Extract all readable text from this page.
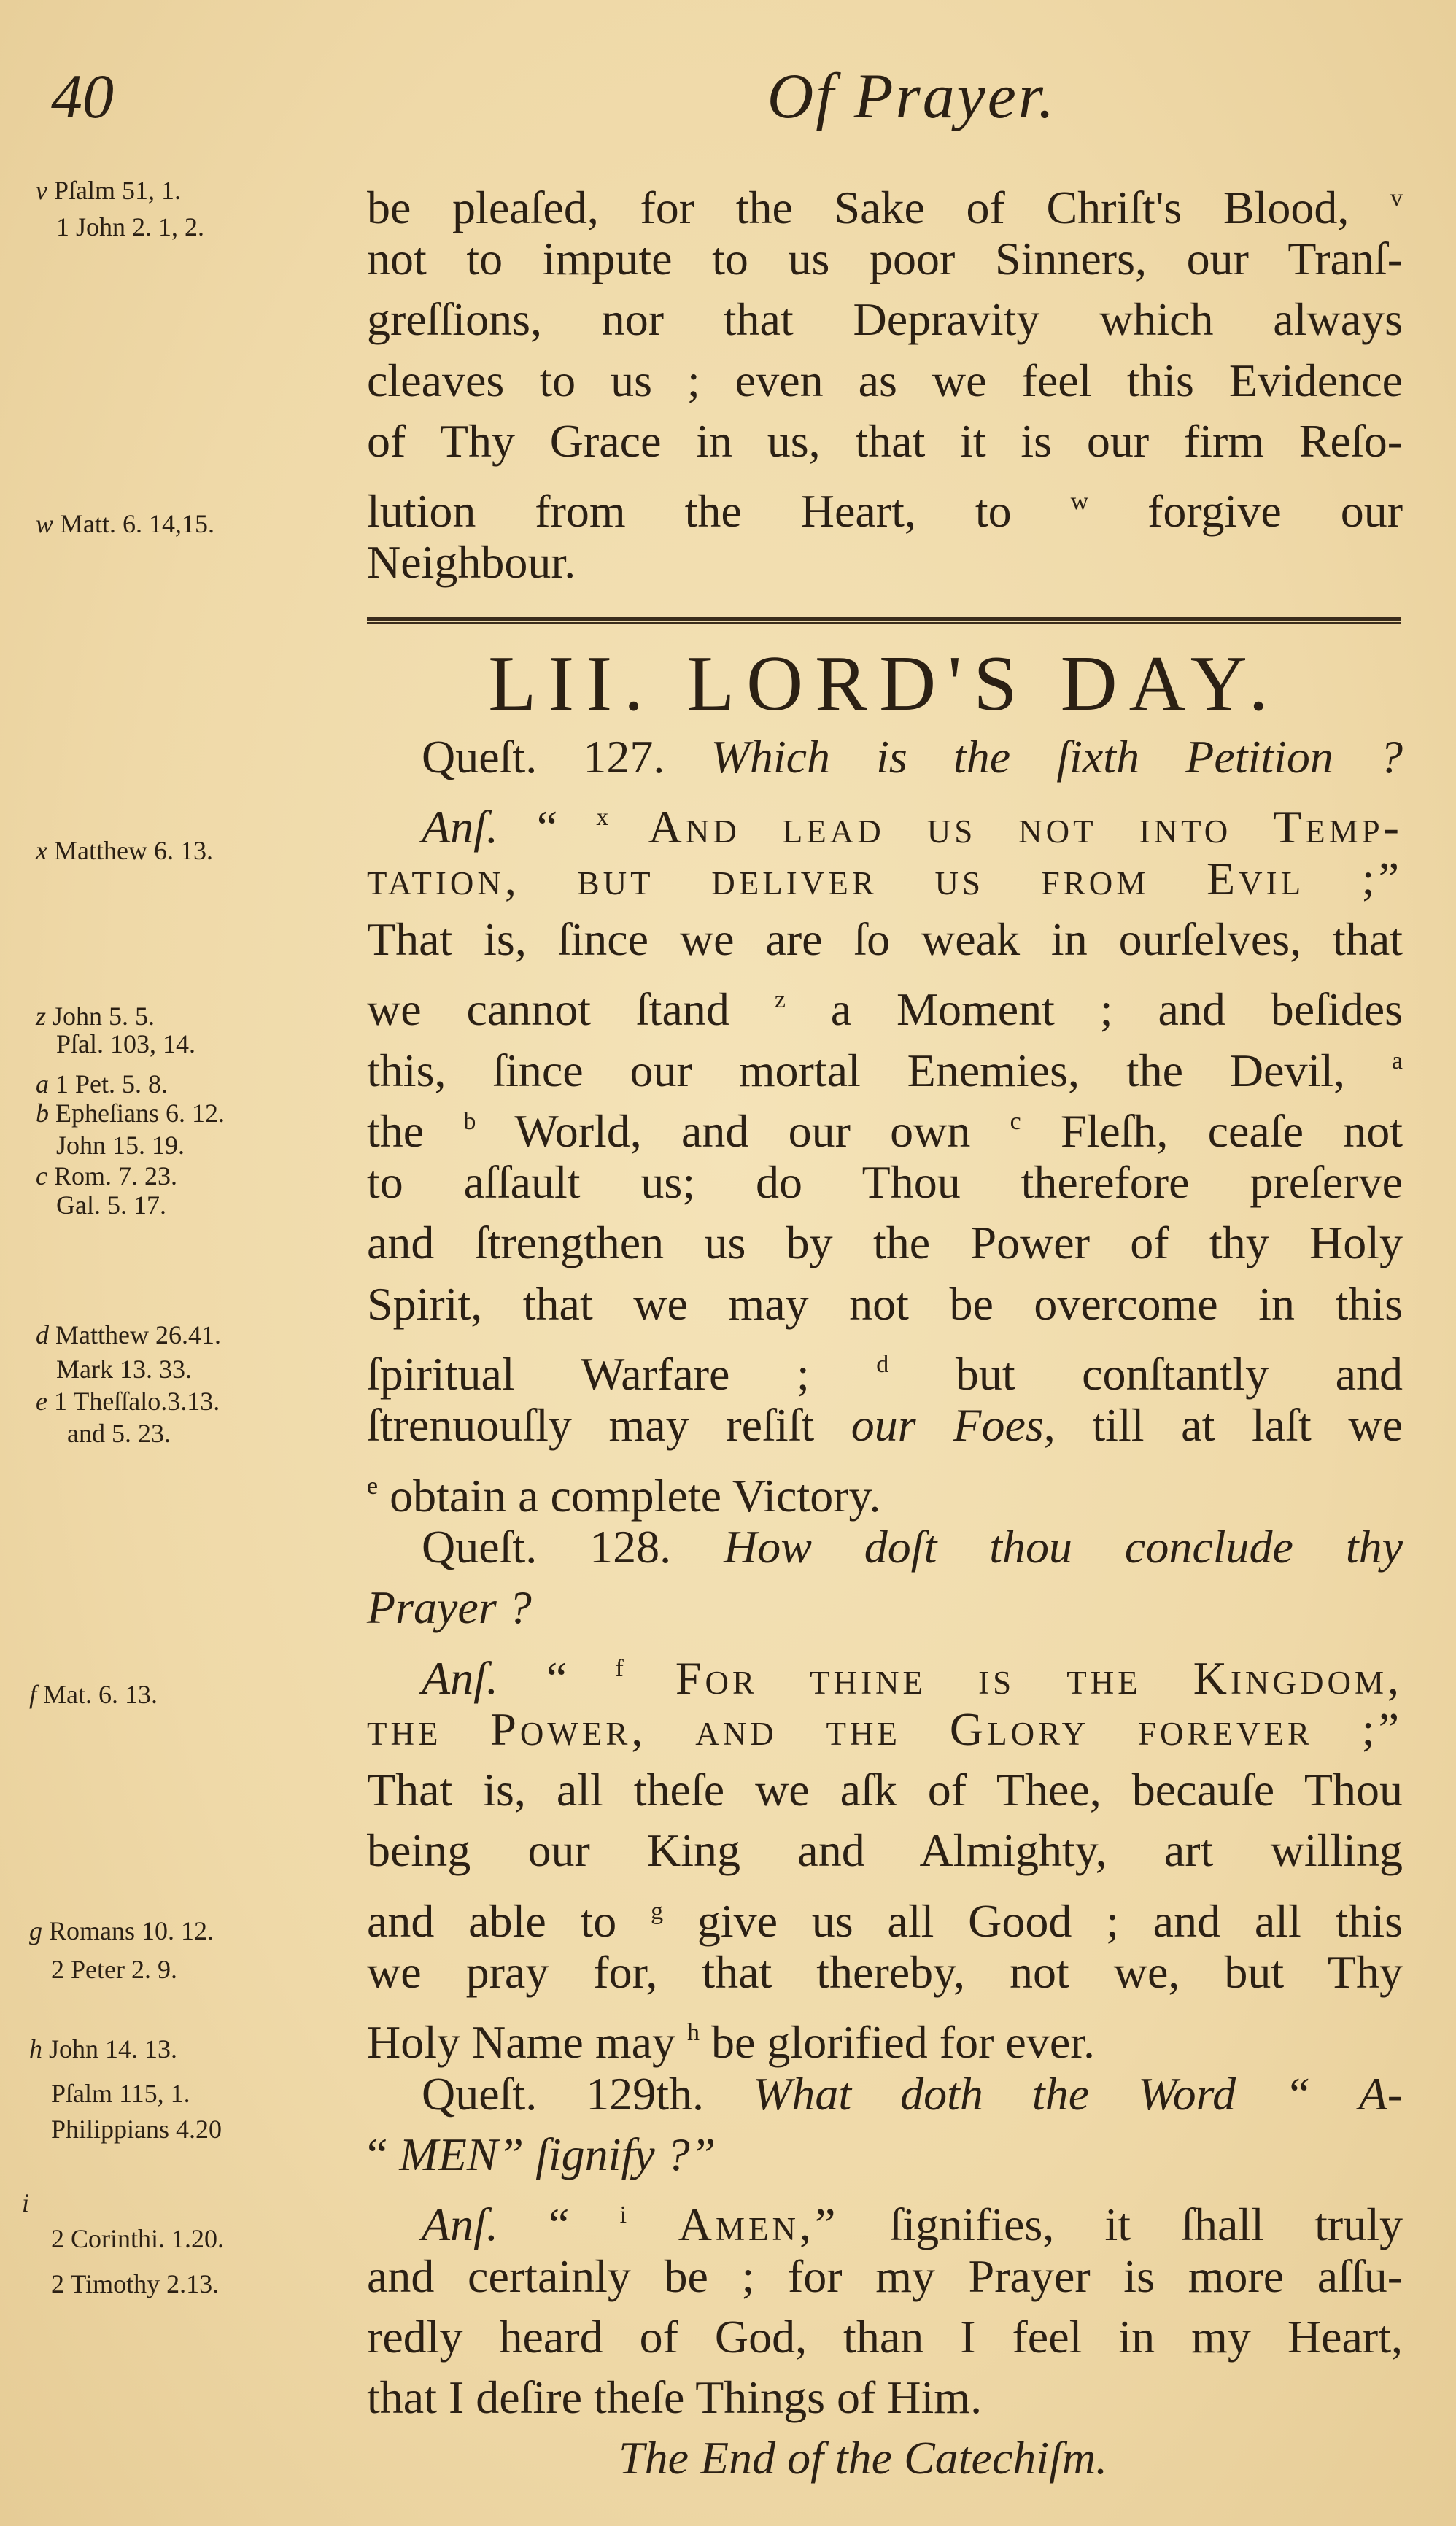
40	Of Prayer.
v Pſalm 51, 1.
1 John 2. 1, 2.
w Matt. 6. 14,15.
x Matthew 6. 13.
z John 5. 5.
Pſal. 103, 14.
a 1 Pet. 5. 8.
b Epheſians 6. 12.
John 15. 19.
c Rom. 7. 23.
Gal. 5. 17.
d Matthew 26.41.
Mark 13. 33.
e 1 Theſſalo.3.13.
and 5. 23.
f Mat. 6. 13.
g Romans 10. 12.
2 Peter 2. 9.
h John 14. 13.
Pſalm 115, 1.
Philippians 4.20
i
2 Corinthi. 1.20.
2 Timothy 2.13.
be pleaſed, for the Sake of Chriſt's Blood, $^v$
not to impute to us poor Sinners, our Tranſ-
greſſions, nor that Depravity which always
cleaves to us ; even as we feel this Evidence
of Thy Grace in us, that it is our firm Reſo-
lution from the Heart, to $^w$ forgive our
Neighbour.
Queſt. 127. Which is the ſixth Petition ?
Anſ. “ $^x$ And lead us not into Temp-
tation, but deliver us from Evil ;”
That is, ſince we are ſo weak in ourſelves, that
we cannot ſtand $^z$ a Moment ; and beſides
this, ſince our mortal Enemies, the Devil, $^a$
the $^b$ World, and our own $^c$ Fleſh, ceaſe not
to aſſault us; do Thou therefore preſerve
and ſtrengthen us by the Power of thy Holy
Spirit, that we may not be overcome in this
ſpiritual Warfare ; $^d$ but conſtantly and
ſtrenuouſly may reſiſt our Foes, till at laſt we
$^e$ obtain a complete Victory.
Queſt. 128. How doſt thou conclude thy
Prayer ?
Anſ. “ $^f$ For thine is the Kingdom,
the Power, and the Glory forever ;”
That is, all theſe we aſk of Thee, becauſe Thou
being our King and Almighty, art willing
and able to $^g$ give us all Good ; and all this
we pray for, that thereby, not we, but Thy
Holy Name may $^h$ be glorified for ever.
Queſt. 129th. What doth the Word “ A-
“ MEN” ſignify ?”
Anſ. “ $^i$ Amen,” ſignifies, it ſhall truly
and certainly be ; for my Prayer is more aſſu-
redly heard of God, than I feel in my Heart,
that I deſire theſe Things of Him.
The End of the Catechiſm.
LII. LORD'S DAY.
